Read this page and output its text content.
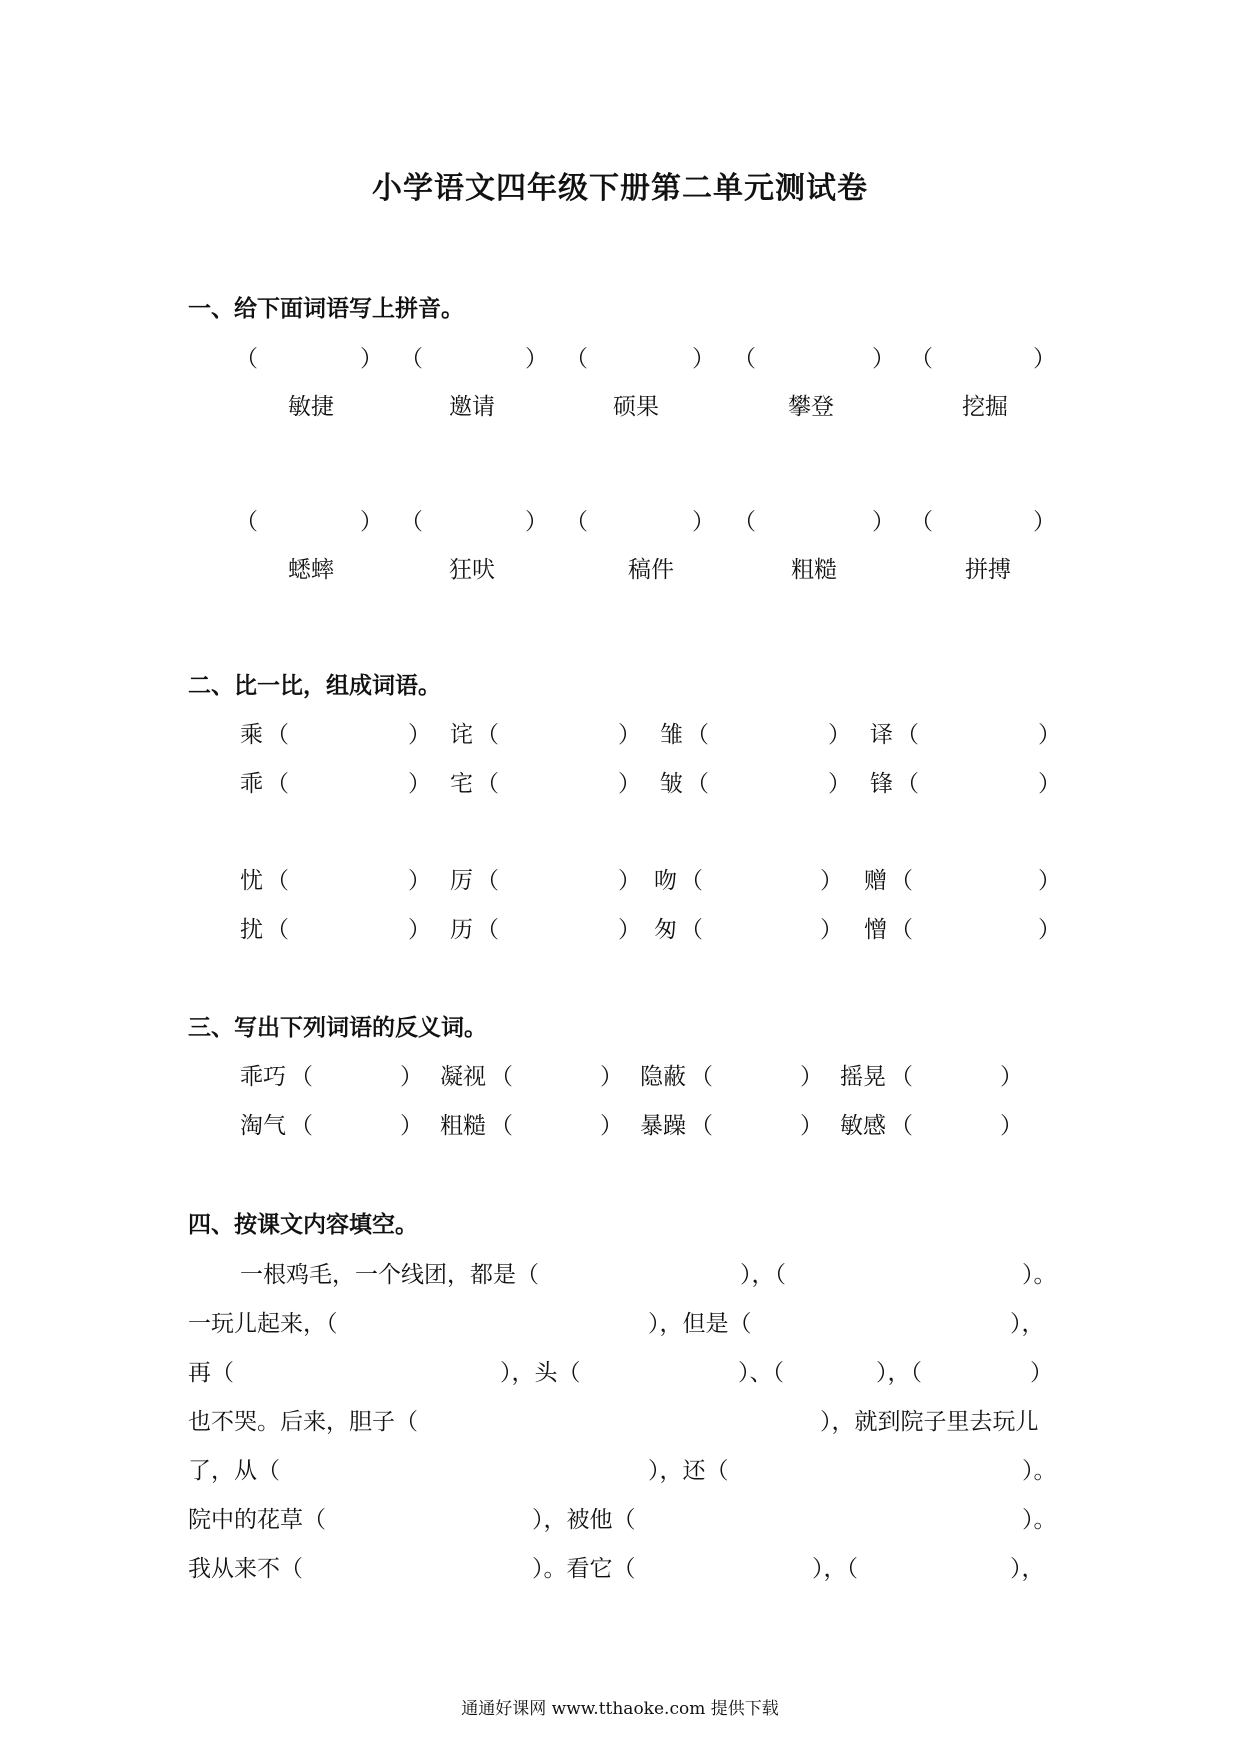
小学语文四年级下册第二单元测试卷
一、给下面词语写上拼音。
（	） （	） （	） （	） （	）
敏捷	邀请	硕果	攀登	挖掘
（	） （	） （	） （	） （	）
蟋蟀	狂吠	稿件	粗糙	拼搏
二、比一比，组成词语。
乘 （	） 诧 （	） 雏 （	） 译 （	）
乖 （	） 宅 （	） 皱 （	） 锋 （	）
忧 （	） 厉 （	） 吻 （	） 赠 （	）
扰 （	） 历 （	） 匆 （	） 憎 （	）
三、写出下列词语的反义词。
乖巧 （	） 凝视 （	） 隐蔽 （	） 摇晃 （	）
淘气 （	） 粗糙 （	） 暴躁 （	） 敏感 （	）
四、按课文内容填空。
一根鸡毛，一个线团，都是（	），（	）。
一玩儿起来，（	），但是（	），
再（	），头（	）、（	），（	）
也不哭。后来，胆子（	），就到院子里去玩儿
了，从（	），还（	）。
院中的花草（	），被他（	）。
我从来不（	）。看它（	），（	），
通通好课网 www.tthaoke.com 提供下载
